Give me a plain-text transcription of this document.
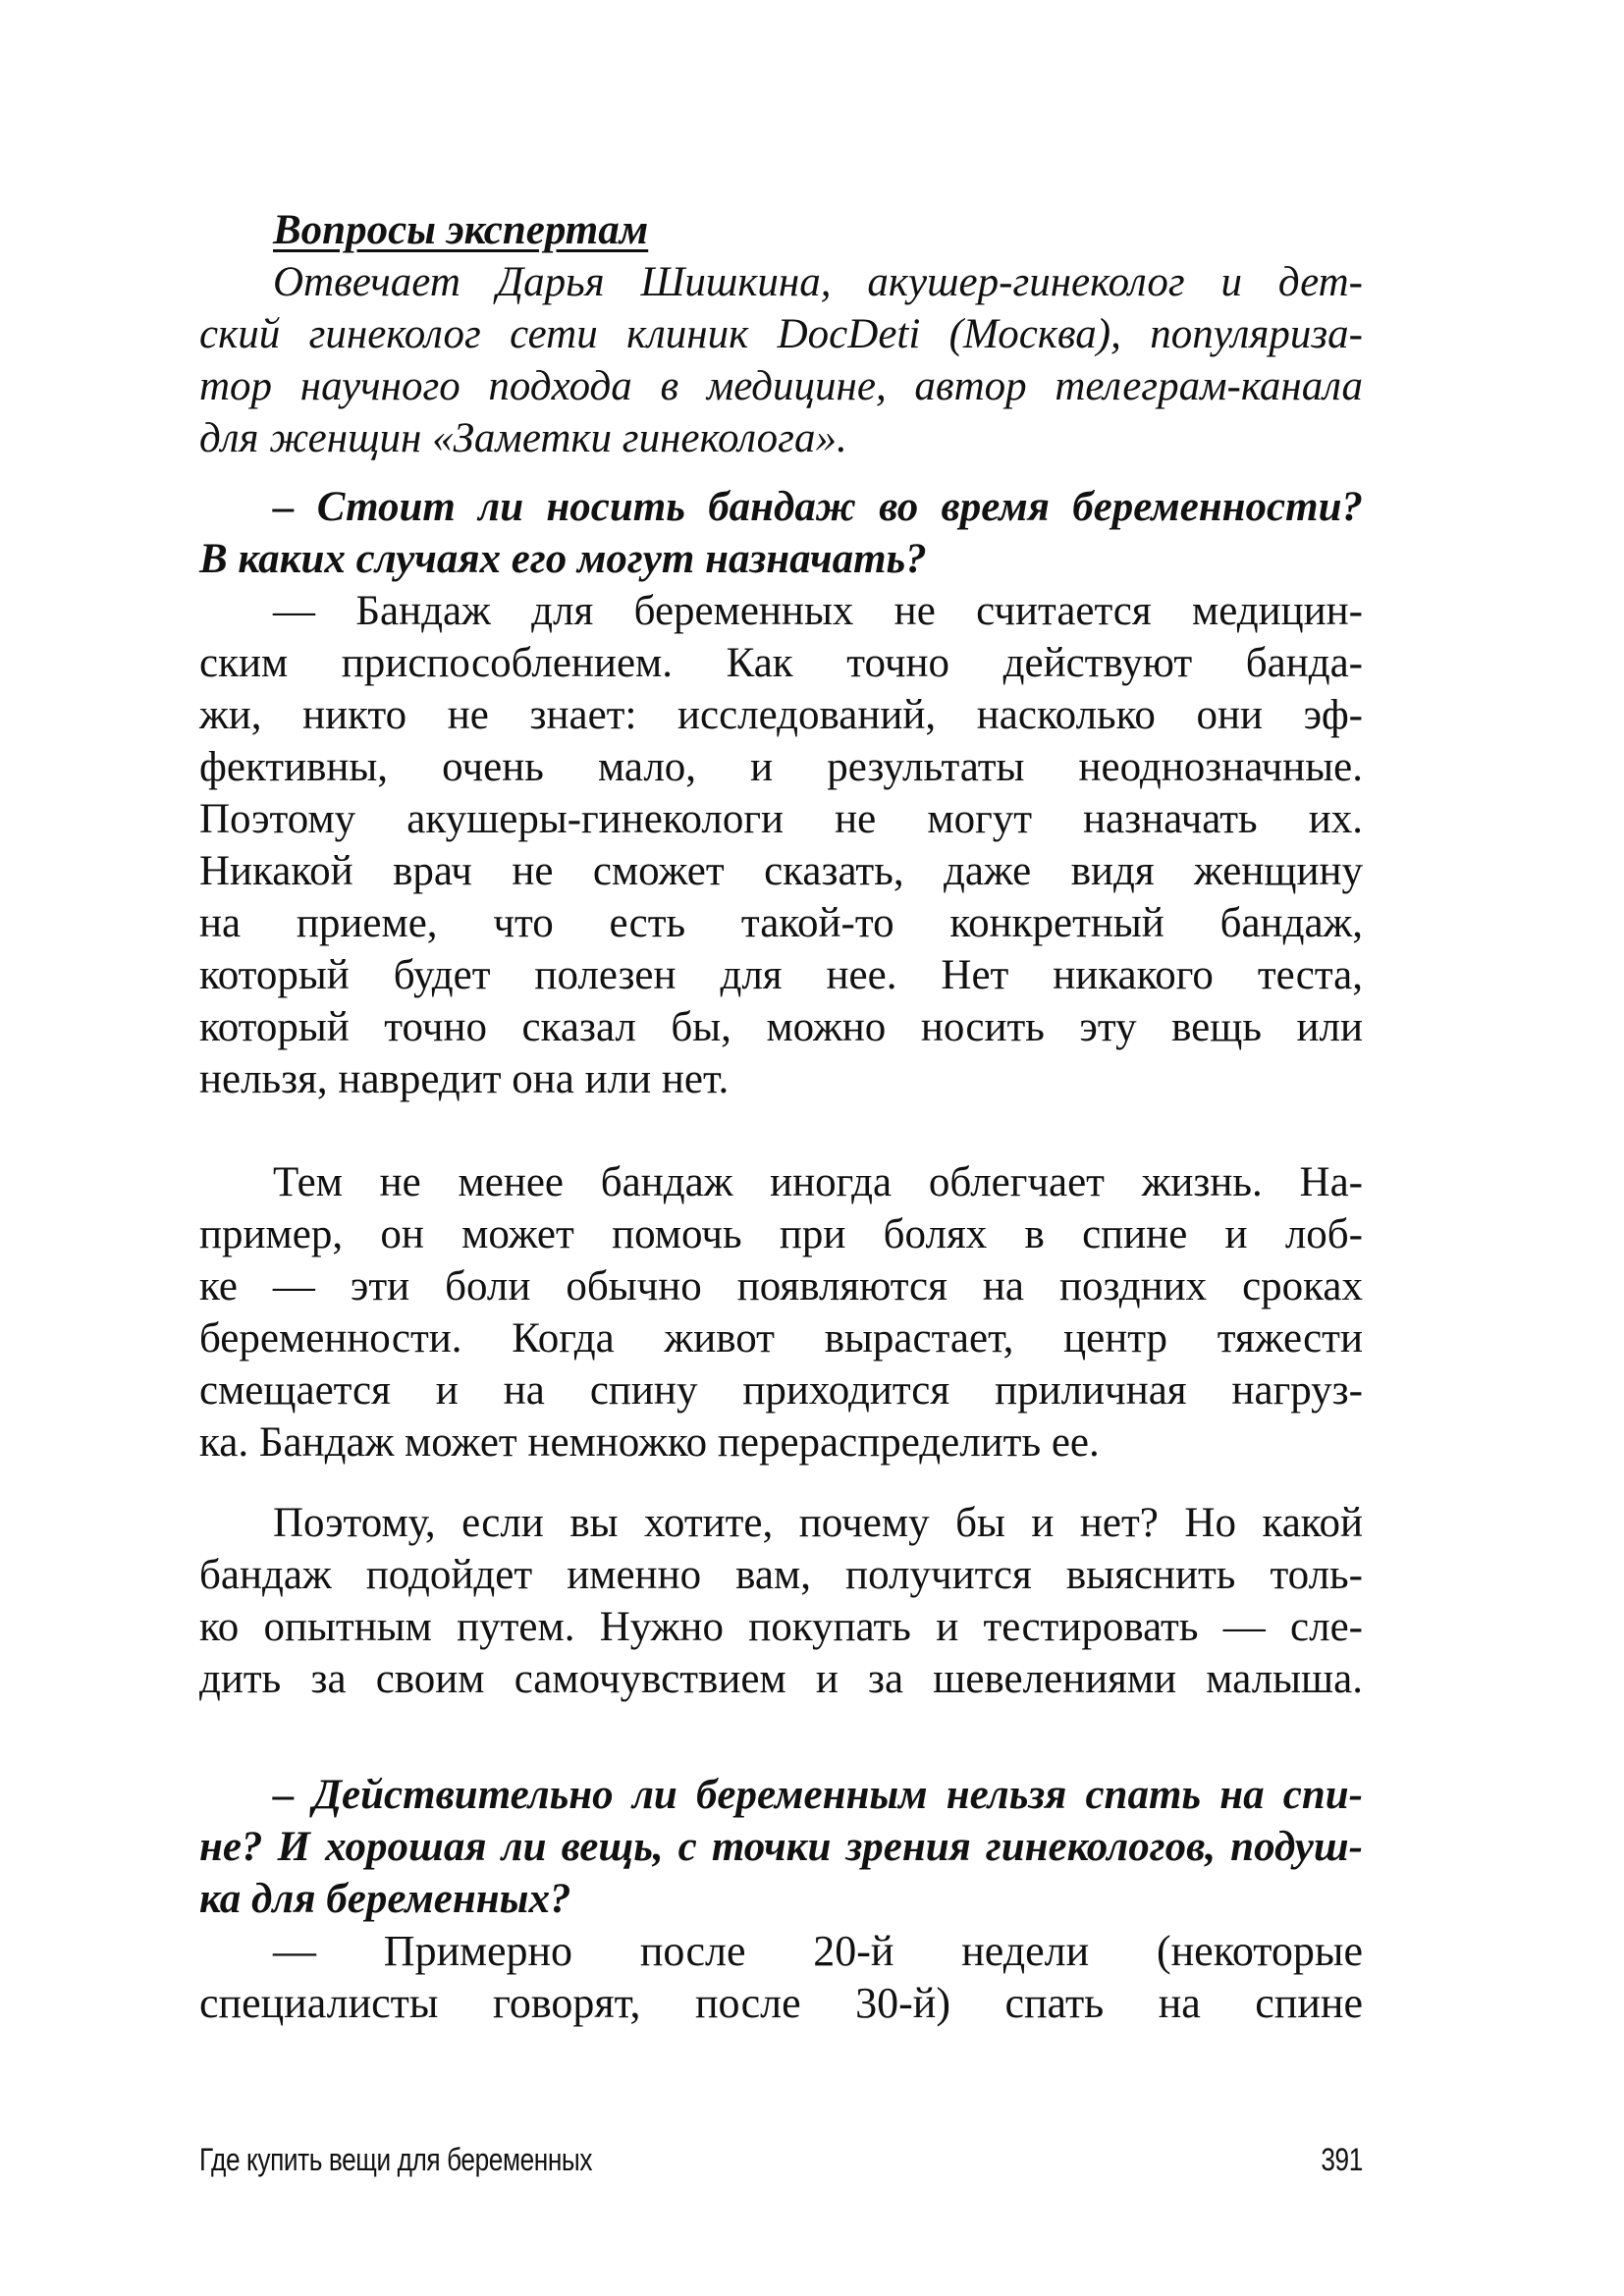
Вопросы экспертам
Отвечает Дарья Шишкина, акушер-гинеколог и дет-
ский гинеколог сети клиник DocDeti (Москва), популяриза-
тор научного подхода в медицине, автор телеграм-канала
для женщин «Заметки гинеколога».
– Стоит ли носить бандаж во время беременности?
В каких случаях его могут назначать?
— Бандаж для беременных не считается медицин-
ским приспособлением. Как точно действуют банда-
жи, никто не знает: исследований, насколько они эф-
фективны, очень мало, и результаты неоднозначные.
Поэтому акушеры-гинекологи не могут назначать их.
Никакой врач не сможет сказать, даже видя женщину
на приеме, что есть такой-то конкретный бандаж,
который будет полезен для нее. Нет никакого теста,
который точно сказал бы, можно носить эту вещь или
нельзя, навредит она или нет.
Тем не менее бандаж иногда облегчает жизнь. На-
пример, он может помочь при болях в спине и лоб-
ке — эти боли обычно появляются на поздних сроках
беременности. Когда живот вырастает, центр тяжести
смещается и на спину приходится приличная нагруз-
ка. Бандаж может немножко перераспределить ее.
Поэтому, если вы хотите, почему бы и нет? Но какой
бандаж подойдет именно вам, получится выяснить толь-
ко опытным путем. Нужно покупать и тестировать — сле-
дить за своим самочувствием и за шевелениями малыша.
– Действительно ли беременным нельзя спать на спи-
не? И хорошая ли вещь, с точки зрения гинекологов, подуш-
ка для беременных?
— Примерно после 20-й недели (некоторые
специалисты говорят, после 30-й) спать на спине
Где купить вещи для беременных	391
